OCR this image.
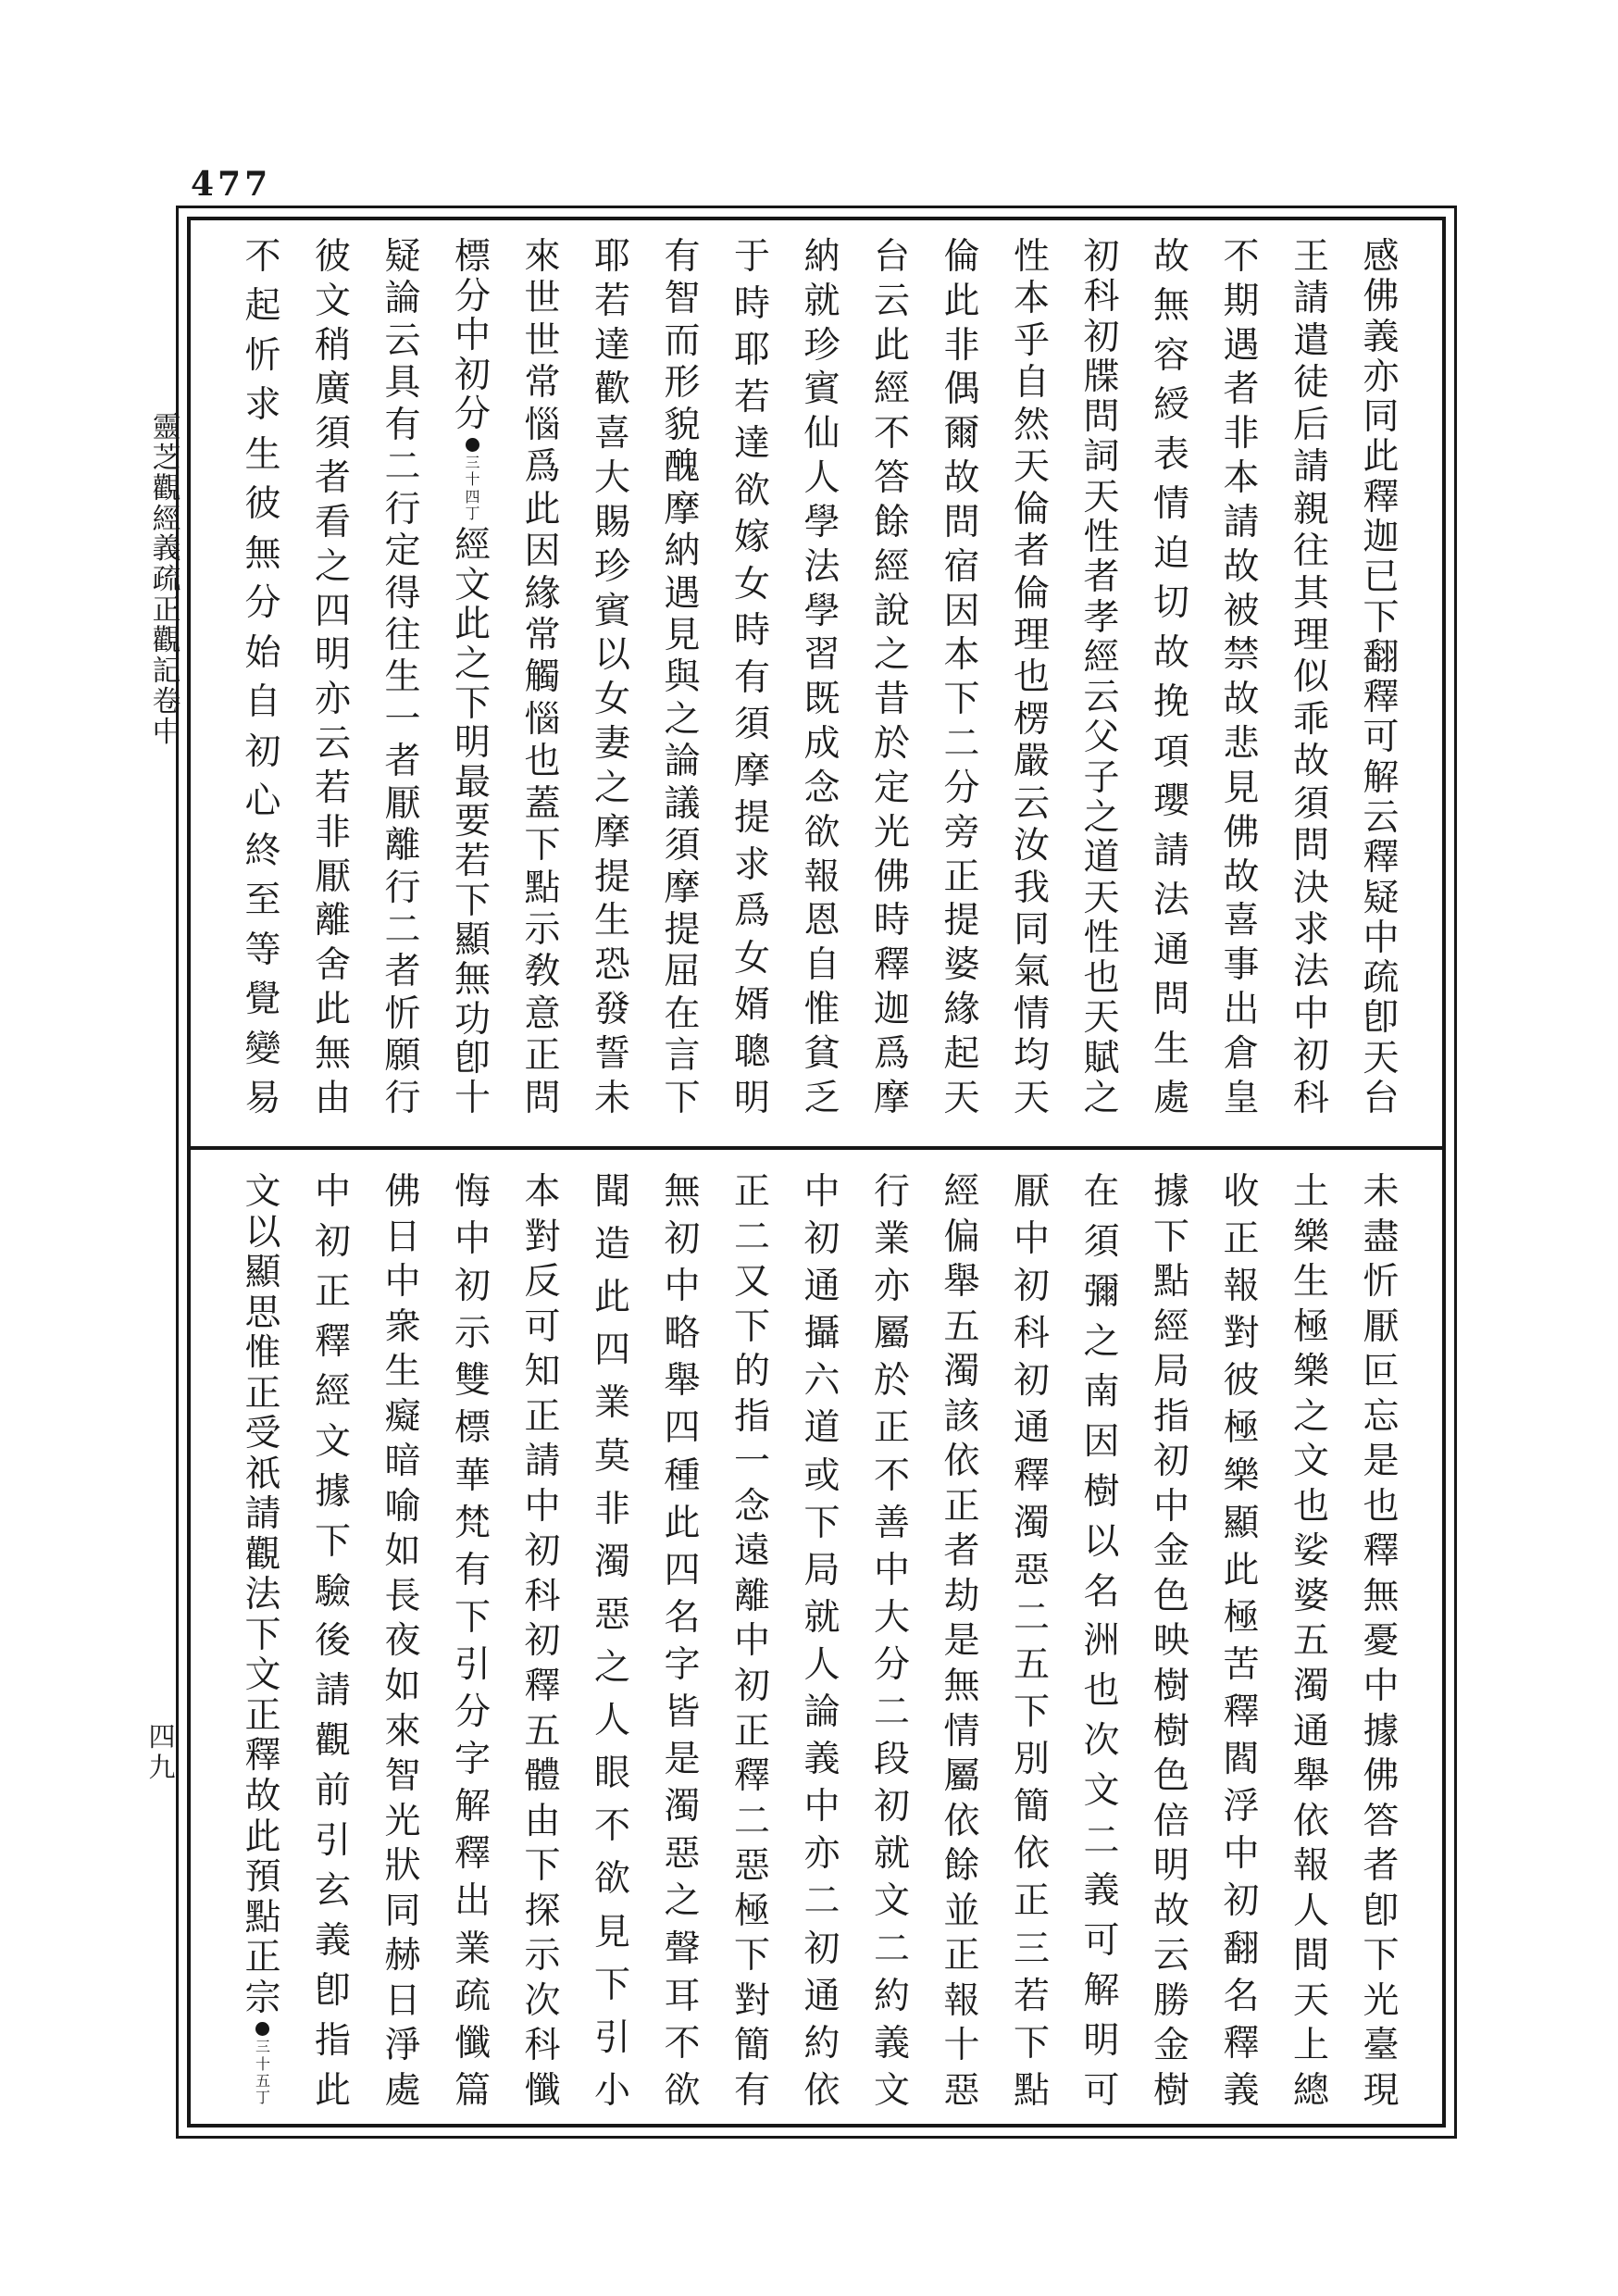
477
靈
芝
觀
經
義
疏
正
觀
記
卷
中
四
九
感
佛
義
亦
同
此
釋
迦
已
下
翻
釋
可
解
云
釋
疑
中
疏
卽
天
台
王
請
遣
徒
后
請
親
往
其
理
似
乖
故
須
問
決
求
法
中
初
科
不
期
遇
者
非
本
請
故
被
禁
故
悲
見
佛
故
喜
事
出
倉
皇
故
無
容
綬
表
情
迫
切
故
挽
項
瓔
請
法
通
問
生
處
初
科
初
牒
問
詞
天
性
者
孝
經
云
父
子
之
道
天
性
也
天
賦
之
性
本
乎
自
然
天
倫
者
倫
理
也
楞
嚴
云
汝
我
同
氣
情
均
天
倫
此
非
偶
爾
故
問
宿
因
本
下
二
分
旁
正
提
婆
緣
起
天
台
云
此
經
不
答
餘
經
說
之
昔
於
定
光
佛
時
釋
迦
爲
摩
納
就
珍
賓
仙
人
學
法
學
習
既
成
念
欲
報
恩
自
惟
貧
乏
于
時
耶
若
達
欲
嫁
女
時
有
須
摩
提
求
爲
女
婿
聰
明
有
智
而
形
貌
醜
摩
納
遇
見
與
之
論
議
須
摩
提
屈
在
言
下
耶
若
達
歡
喜
大
賜
珍
賓
以
女
妻
之
摩
提
生
恐
發
誓
未
來
世
世
常
惱
爲
此
因
緣
常
觸
惱
也
蓋
下
點
示
敎
意
正
問
標
分
中
初
分
三
十
四
丁
經
文
此
之
下
明
最
要
若
下
顯
無
功
卽
十
疑
論
云
具
有
二
行
定
得
往
生
一
者
厭
離
行
二
者
忻
願
行
彼
文
稍
廣
須
者
看
之
四
明
亦
云
若
非
厭
離
舍
此
無
由
不
起
忻
求
生
彼
無
分
始
自
初
心
終
至
等
覺
變
易
未
盡
忻
厭
叵
忘
是
也
釋
無
憂
中
據
佛
答
者
卽
下
光
臺
現
土
樂
生
極
樂
之
文
也
娑
婆
五
濁
通
舉
依
報
人
間
天
上
總
收
正
報
對
彼
極
樂
顯
此
極
苦
釋
閻
浮
中
初
翻
名
釋
義
據
下
點
經
局
指
初
中
金
色
映
樹
樹
色
倍
明
故
云
勝
金
樹
在
須
彌
之
南
因
樹
以
名
洲
也
次
文
二
義
可
解
明
可
厭
中
初
科
初
通
釋
濁
惡
二
五
下
別
簡
依
正
三
若
下
點
經
偏
舉
五
濁
該
依
正
者
劫
是
無
情
屬
依
餘
並
正
報
十
惡
行
業
亦
屬
於
正
不
善
中
大
分
二
段
初
就
文
二
約
義
文
中
初
通
攝
六
道
或
下
局
就
人
論
義
中
亦
二
初
通
約
依
正
二
又
下
的
指
一
念
遠
離
中
初
正
釋
二
惡
極
下
對
簡
有
無
初
中
略
舉
四
種
此
四
名
字
皆
是
濁
惡
之
聲
耳
不
欲
聞
造
此
四
業
莫
非
濁
惡
之
人
眼
不
欲
見
下
引
小
本
對
反
可
知
正
請
中
初
科
初
釋
五
體
由
下
探
示
次
科
懺
悔
中
初
示
雙
標
華
梵
有
下
引
分
字
解
釋
出
業
疏
懺
篇
佛
日
中
衆
生
癡
暗
喻
如
長
夜
如
來
智
光
狀
同
赫
日
淨
處
中
初
正
釋
經
文
據
下
驗
後
請
觀
前
引
玄
義
卽
指
此
文
以
顯
思
惟
正
受
祇
請
觀
法
下
文
正
釋
故
此
預
點
正
宗
三
十
五
丁
